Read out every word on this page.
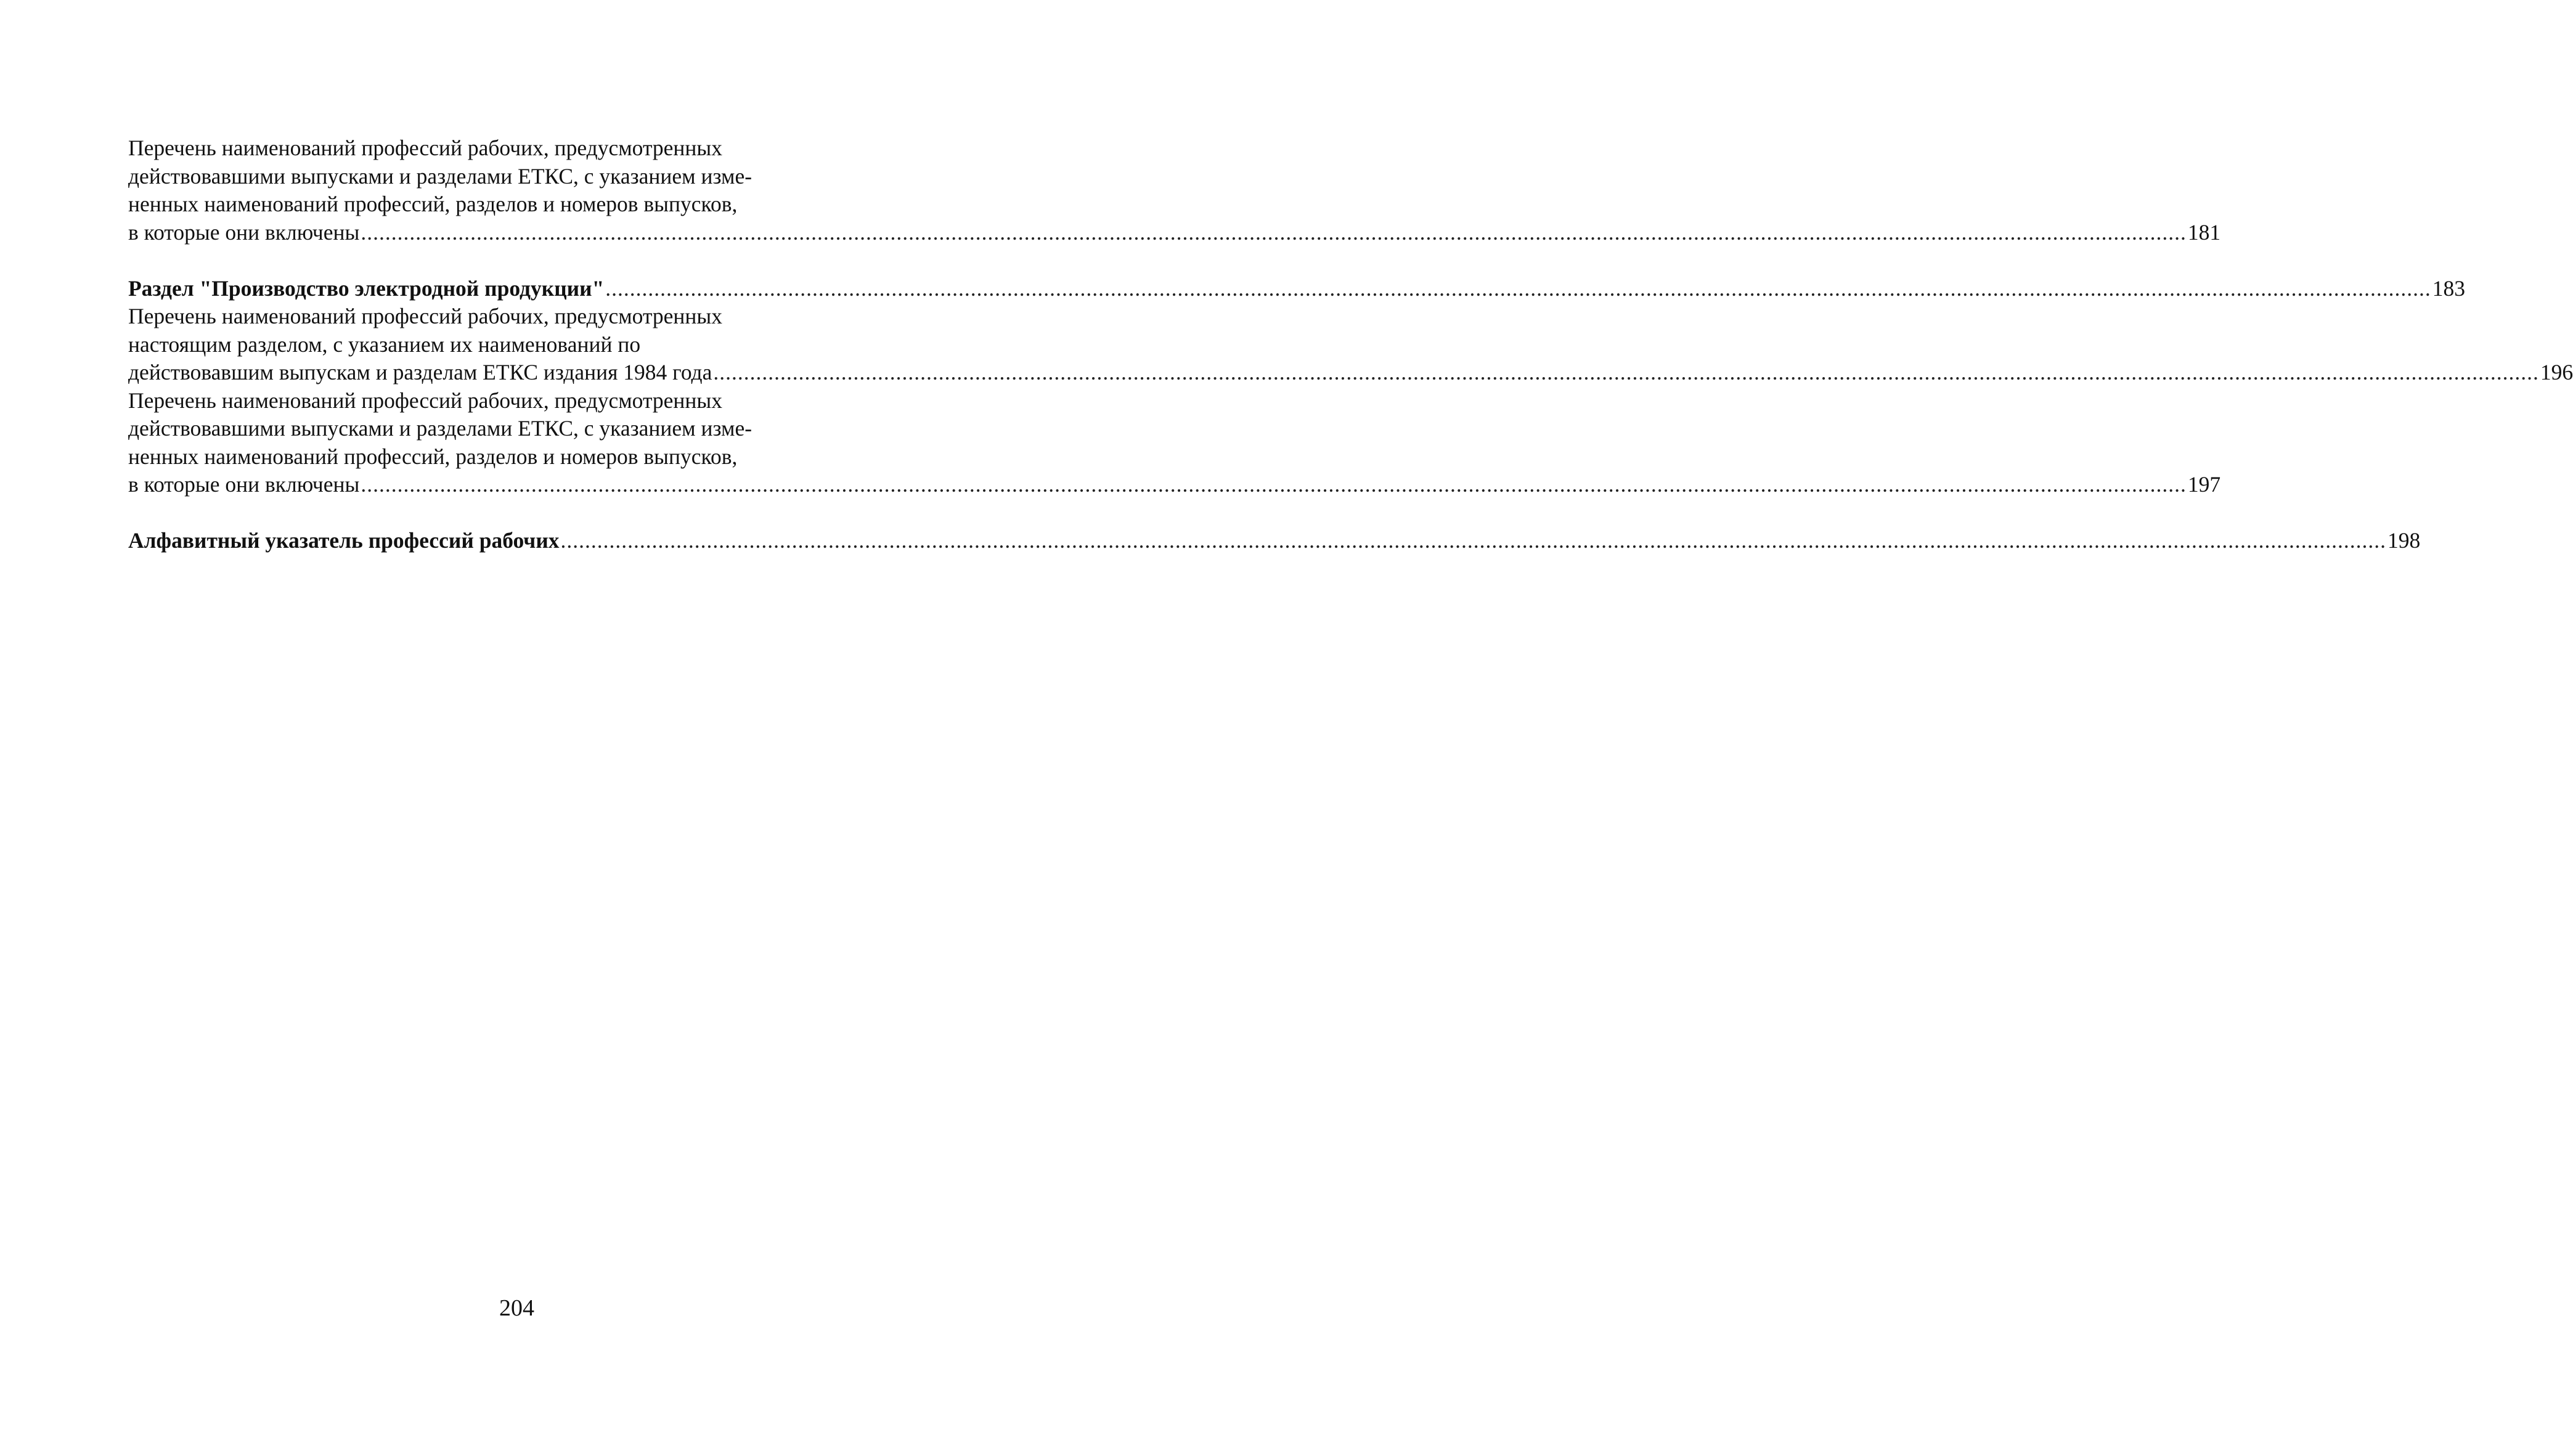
Перечень наименований профессий рабочих, предусмотренных
действовавшими выпусками и разделами ЕТКС, с указанием изме-
ненных наименований профессий, разделов и номеров выпусков,
в которые они включены ............................................................................................................................................................................................................................................................................................................ 181
Раздел "Производство электродной продукции" ............................................................................................................................................................................................................................................................................................................ 183
Перечень наименований профессий рабочих, предусмотренных
настоящим разделом, с указанием их наименований по
действовавшим выпускам и разделам ЕТКС издания 1984 года ............................................................................................................................................................................................................................................................................................................ 196
Перечень наименований профессий рабочих, предусмотренных
действовавшими выпусками и разделами ЕТКС, с указанием изме-
ненных наименований профессий, разделов и номеров выпусков,
в которые они включены ............................................................................................................................................................................................................................................................................................................ 197
Алфавитный указатель профессий рабочих ............................................................................................................................................................................................................................................................................................................ 198
204
